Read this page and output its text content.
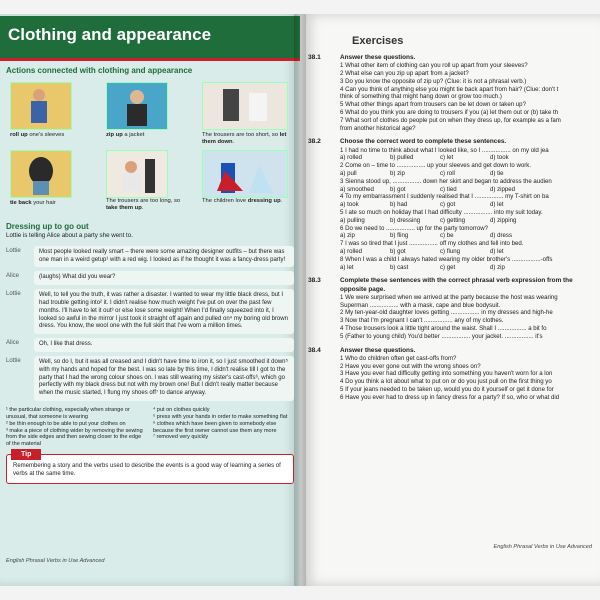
Clothing and appearance
Actions connected with clothing and appearance
roll up one's sleeves	zip up a jacket	The trousers are too short, so let them down.
tie back your hair	The trousers are too long, so take them up.
The children love dressing up.
Dressing up to go out
Lottie is telling Alice about a party she went to.
Lottie	Most people looked really smart – there were some amazing designer outfits – but there was one man in a weird getup¹ with a red wig. I looked as if he thought it was a fancy-dress party!
Alice	(laughs) What did you wear?
Lottie	Well, to tell you the truth, it was rather a disaster. I wanted to wear my little black dress, but I had trouble getting into² it. I didn't realise how much weight I've put on over the past few months. I'll have to let it out³ or else lose some weight! When I'd finally squeezed into it, I looked so awful in the mirror I just took it straight off again and pulled on⁴ my boring old brown dress. You know, the wool one with the full skirt that I've worn a million times.
Alice	Oh, I like that dress.
Lottie	Well, so do I, but it was all creased and I didn't have time to iron it, so I just smoothed it down⁵ with my hands and hoped for the best. I was so late by this time, I didn't realise till I got to the party that I had the wrong colour shoes on. I was still wearing my sister's cast-offs⁶, which go perfectly with my black dress but not with my brown one! But I didn't really matter because when the music started, I flung my shoes off⁷ to dance anyway.
¹ the particular clothing, especially when strange or unusual, that someone is wearing
² be thin enough to be able to put your clothes on
³ make a piece of clothing wider by removing the sewing from the side edges and then sewing closer to the edge of the material
⁴ put on clothes quickly
⁵ press with your hands in order to make something flat
⁶ clothes which have been given to somebody else because the first owner cannot use them any more
⁷ removed very quickly
Tip
Remembering a story and the verbs used to describe the events is a good way of learning a series of verbs at the same time.
English Phrasal Verbs in Use Advanced
Exercises
38.1	Answer these questions.
1 What other item of clothing can you roll up apart from your sleeves?
2 What else can you zip up apart from a jacket?
3 Do you know the opposite of zip up? (Clue: it is not a phrasal verb.)
4 Can you think of anything else you might tie back apart from hair? (Clue: don't t
think of something that might hang down or grow too much.)
5 What other things apart from trousers can be let down or taken up?
6 What do you think you are doing to trousers if you (a) let them out or (b) take th
7 What sort of clothes do people put on when they dress up, for example as a fam
from another historical age?
38.2	Choose the correct word to complete these sentences.
1 I had no time to think about what I looked like, so I ................. on my old jea
a) rolled	b) pulled	c) let	d) took
2 Come on – time to ................. up your sleeves and get down to work.
a) pull	b) zip	c) roll	d) tie
3 Sienna stood up, ................. down her skirt and began to address the audien
a) smoothed	b) got	c) tied	d) zipped
4 To my embarrassment I suddenly realised that I ................. my T-shirt on ba
a) took	b) had	c) got	d) let
5 I ate so much on holiday that I had difficulty ................. into my suit today.
a) pulling	b) dressing	c) getting	d) zipping
6 Do we need to ................. up for the party tomorrow?
a) zip	b) fling	c) be	d) dress
7 I was so tired that I just ................. off my clothes and fell into bed.
a) rolled	b) got	c) flung	d) let
8 When I was a child I always hated wearing my older brother's .................-offs
a) let	b) cast	c) get	d) zip
38.3	Complete these sentences with the correct phrasal verb expression from the
opposite page.
1 We were surprised when we arrived at the party because the host was wearing
Superman ................. with a mask, cape and blue bodysuit.
2 My ten-year-old daughter loves getting ................. in my dresses and high-he
3 Now that I'm pregnant I can't ................. any of my clothes.
4 Those trousers look a little tight around the waist. Shall I ................. a bit fo
5 (Father to young child) You'd better ................. your jacket. ................. it's
38.4	Answer these questions.
1 Who do children often get cast-offs from?
2 Have you ever gone out with the wrong shoes on?
3 Have you ever had difficulty getting into something you haven't worn for a lon
4 Do you think a lot about what to put on or do you just pull on the first thing yo
5 If your jeans needed to be taken up, would you do it yourself or get it done for
6 Have you ever had to dress up in fancy dress for a party? If so, who or what did
English Phrasal Verbs in Use Advanced
